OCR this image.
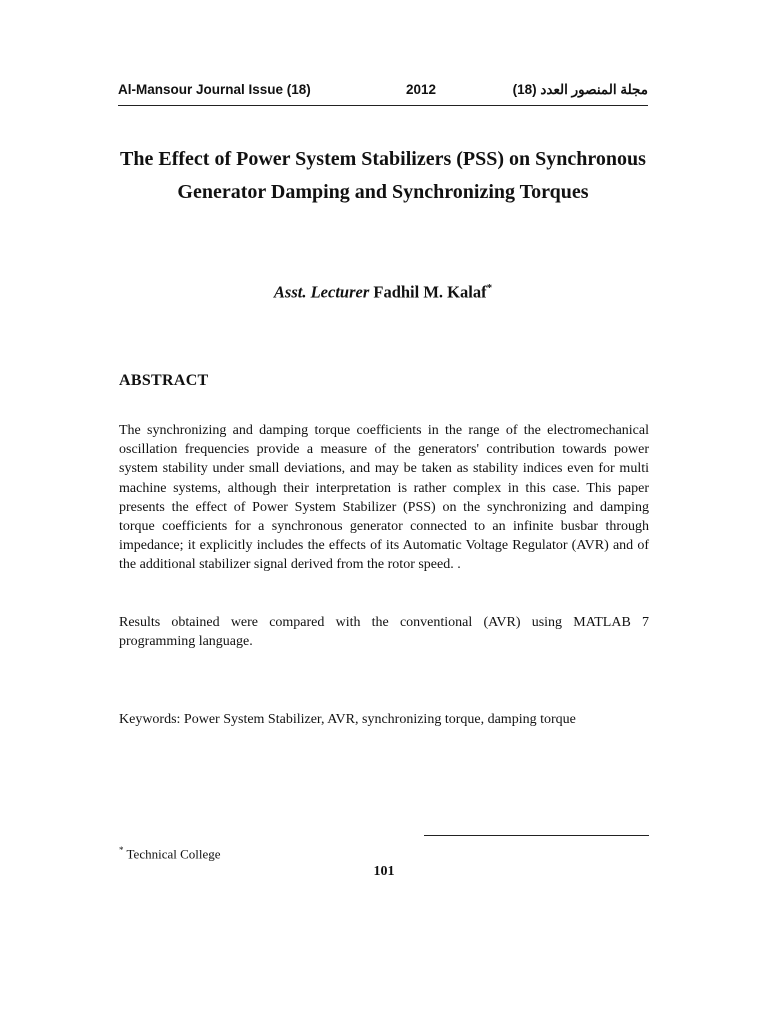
Al-Mansour Journal Issue (18)	2012	مجلة المنصور العدد (18)
The Effect of Power System Stabilizers (PSS) on Synchronous Generator Damping and Synchronizing Torques
Asst. Lecturer Fadhil M. Kalaf*
ABSTRACT
The synchronizing and damping torque coefficients in the range of the electromechanical oscillation frequencies provide a measure of the generators' contribution towards power system stability under small deviations, and may be taken as stability indices even for multi machine systems, although their interpretation is rather complex in this case. This paper presents the effect of Power System Stabilizer (PSS) on the synchronizing and damping torque coefficients for a synchronous generator connected to an infinite busbar through impedance; it explicitly includes the effects of its Automatic Voltage Regulator (AVR) and of the additional stabilizer signal derived from the rotor speed. .
Results obtained were compared with the conventional (AVR) using MATLAB 7 programming language.
Keywords: Power System Stabilizer, AVR, synchronizing torque, damping torque
* Technical College
101
